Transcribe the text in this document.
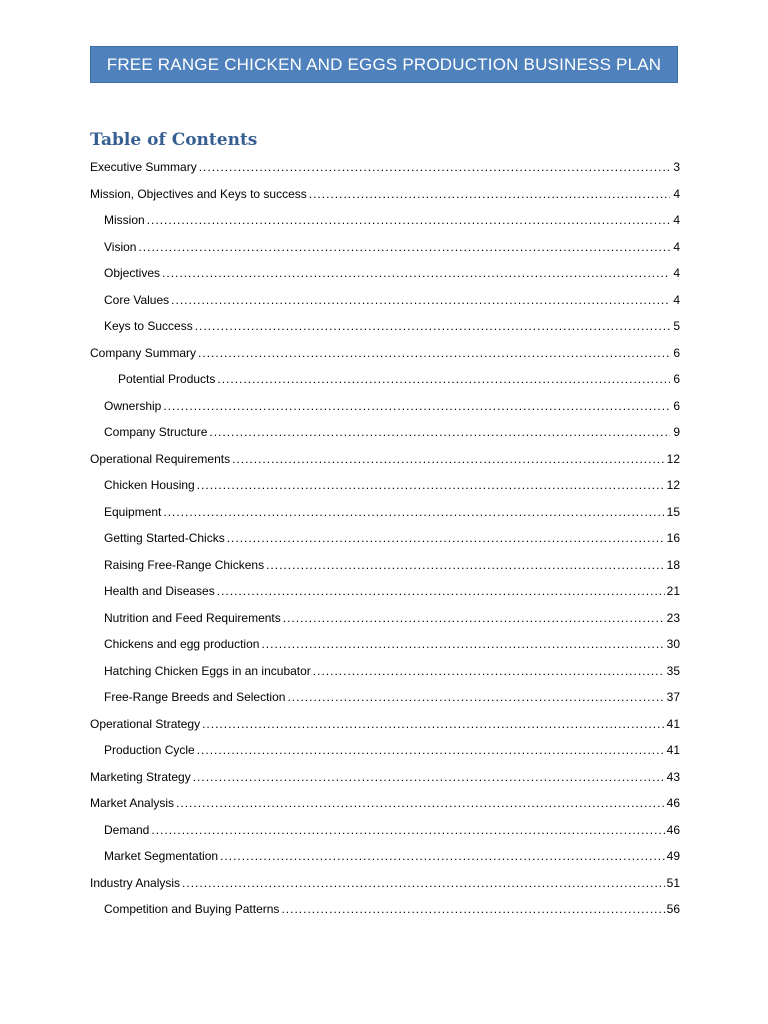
FREE RANGE CHICKEN AND EGGS PRODUCTION BUSINESS PLAN
Table of Contents
Executive Summary .....	3
Mission, Objectives and Keys to success .....	4
Mission .....	4
Vision .....	4
Objectives .....	4
Core Values .....	4
Keys to Success .....	5
Company Summary .....	6
Potential Products .....	6
Ownership .....	6
Company Structure .....	9
Operational Requirements .....	12
Chicken Housing .....	12
Equipment .....	15
Getting Started-Chicks .....	16
Raising Free-Range Chickens .....	18
Health and Diseases .....	21
Nutrition and Feed Requirements .....	23
Chickens and egg production .....	30
Hatching Chicken Eggs in an incubator .....	35
Free-Range Breeds and Selection .....	37
Operational Strategy .....	41
Production Cycle .....	41
Marketing Strategy .....	43
Market Analysis .....	46
Demand .....	46
Market Segmentation .....	49
Industry Analysis .....	51
Competition and Buying Patterns .....	56
